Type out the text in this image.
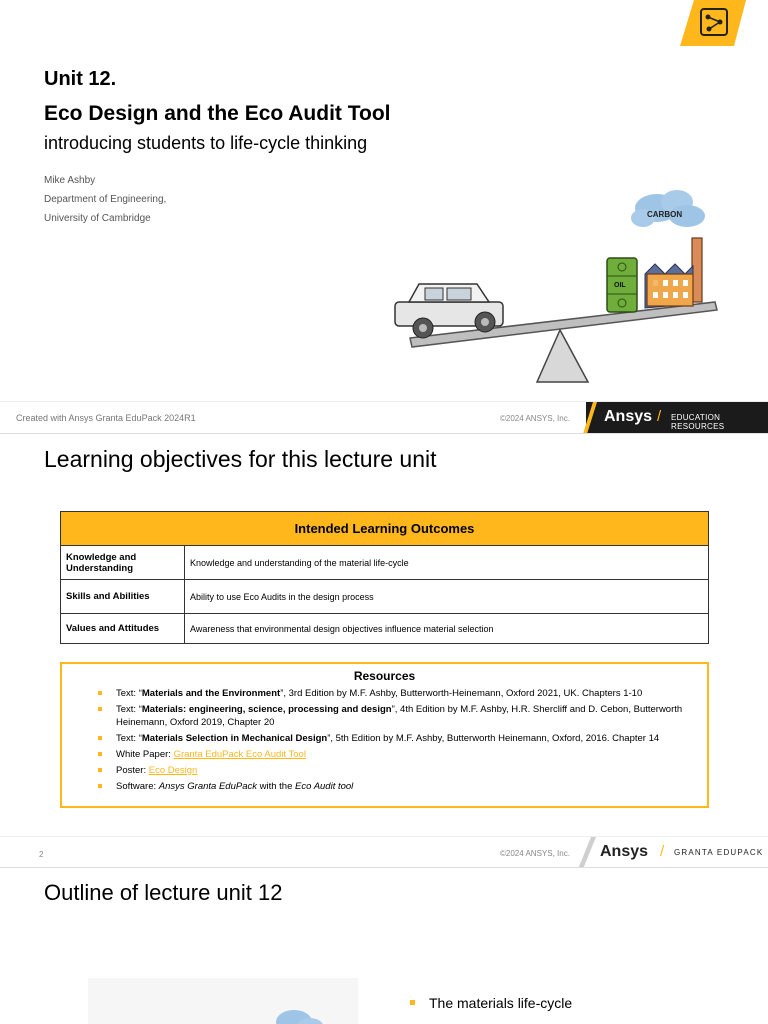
Unit 12.
Eco Design and the Eco Audit Tool
introducing students to life-cycle thinking
Mike Ashby
Department of Engineering,
University of Cambridge	CARBON
OIL
Created with Ansys Granta EduPack 2024R1	©2024 ANSYS, Inc. Ansys / EDUCATION RESOURCES
Learning objectives for this lecture unit
Intended Learning Outcomes	
Knowledge and Understanding	Knowledge and understanding of the material life-cycle
Skills and Abilities	Ability to use Eco Audits in the design process
Values and Attitudes	Awareness that environmental design objectives influence material selection
Resources
Text: “Materials and the Environment”, 3rd Edition by M.F. Ashby, Butterworth-Heinemann, Oxford 2021, UK. Chapters 1-10
Text: “Materials: engineering, science, processing and design”, 4th Edition by M.F. Ashby, H.R. Shercliff and D. Cebon, Butterworth Heinemann, Oxford 2019, Chapter 20
Text: “Materials Selection in Mechanical Design”, 5th Edition by M.F. Ashby, Butterworth Heinemann, Oxford, 2016. Chapter 14
White Paper: Granta EduPack Eco Audit Tool
Poster: Eco Design
Software: Ansys Granta EduPack with the Eco Audit tool
2	©2024 ANSYS, Inc. Ansys / GRANTA EDUPACK
Outline of lecture unit 12
The materials life-cycle
